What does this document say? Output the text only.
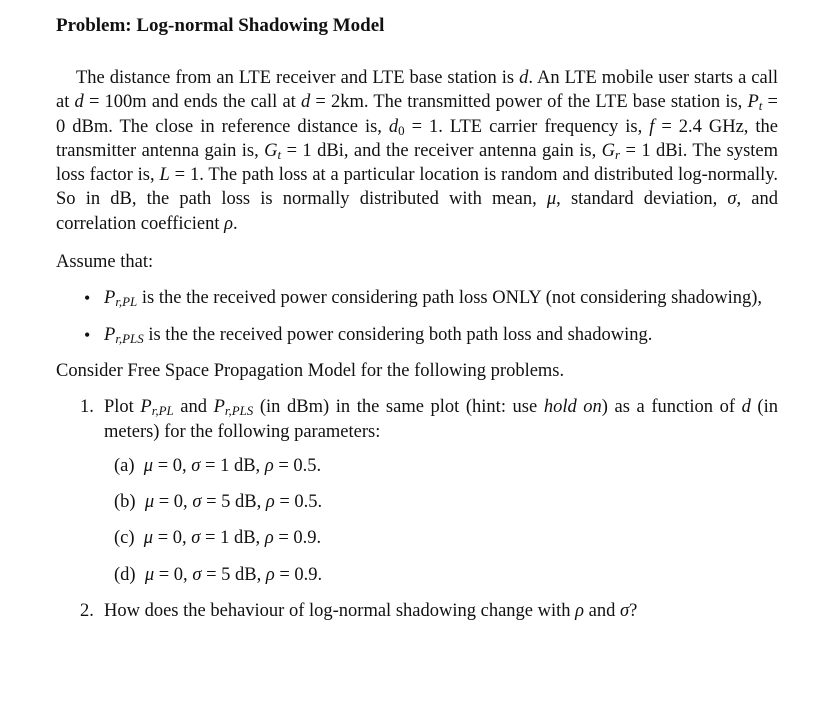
Problem: Log-normal Shadowing Model

The distance from an LTE receiver and LTE base station is d. An LTE mobile user starts a call at d = 100m and ends the call at d = 2km. The transmitted power of the LTE base station is, $P_t = 0$ dBm. The close in reference distance is, $d_0 = 1$. LTE carrier frequency is, f = 2.4 GHz, the transmitter antenna gain is, $G_t = 1$ dBi, and the receiver antenna gain is, $G_r = 1$ dBi. The system loss factor is, L = 1. The path loss at a particular location is random and distributed log-normally. So in dB, the path loss is normally distributed with mean, μ, standard deviation, σ, and correlation coefficient ρ.

Assume that:

• $P_{r,PL}$ is the the received power considering path loss ONLY (not considering shadowing),
• $P_{r,PLS}$ is the the received power considering both path loss and shadowing.

Consider Free Space Propagation Model for the following problems.

1. Plot $P_{r,PL}$ and $P_{r,PLS}$ (in dBm) in the same plot (hint: use hold on) as a function of d (in meters) for the following parameters:
(a) μ = 0, σ = 1 dB, ρ = 0.5.
(b) μ = 0, σ = 5 dB, ρ = 0.5.
(c) μ = 0, σ = 1 dB, ρ = 0.9.
(d) μ = 0, σ = 5 dB, ρ = 0.9.
2. How does the behaviour of log-normal shadowing change with ρ and σ?
